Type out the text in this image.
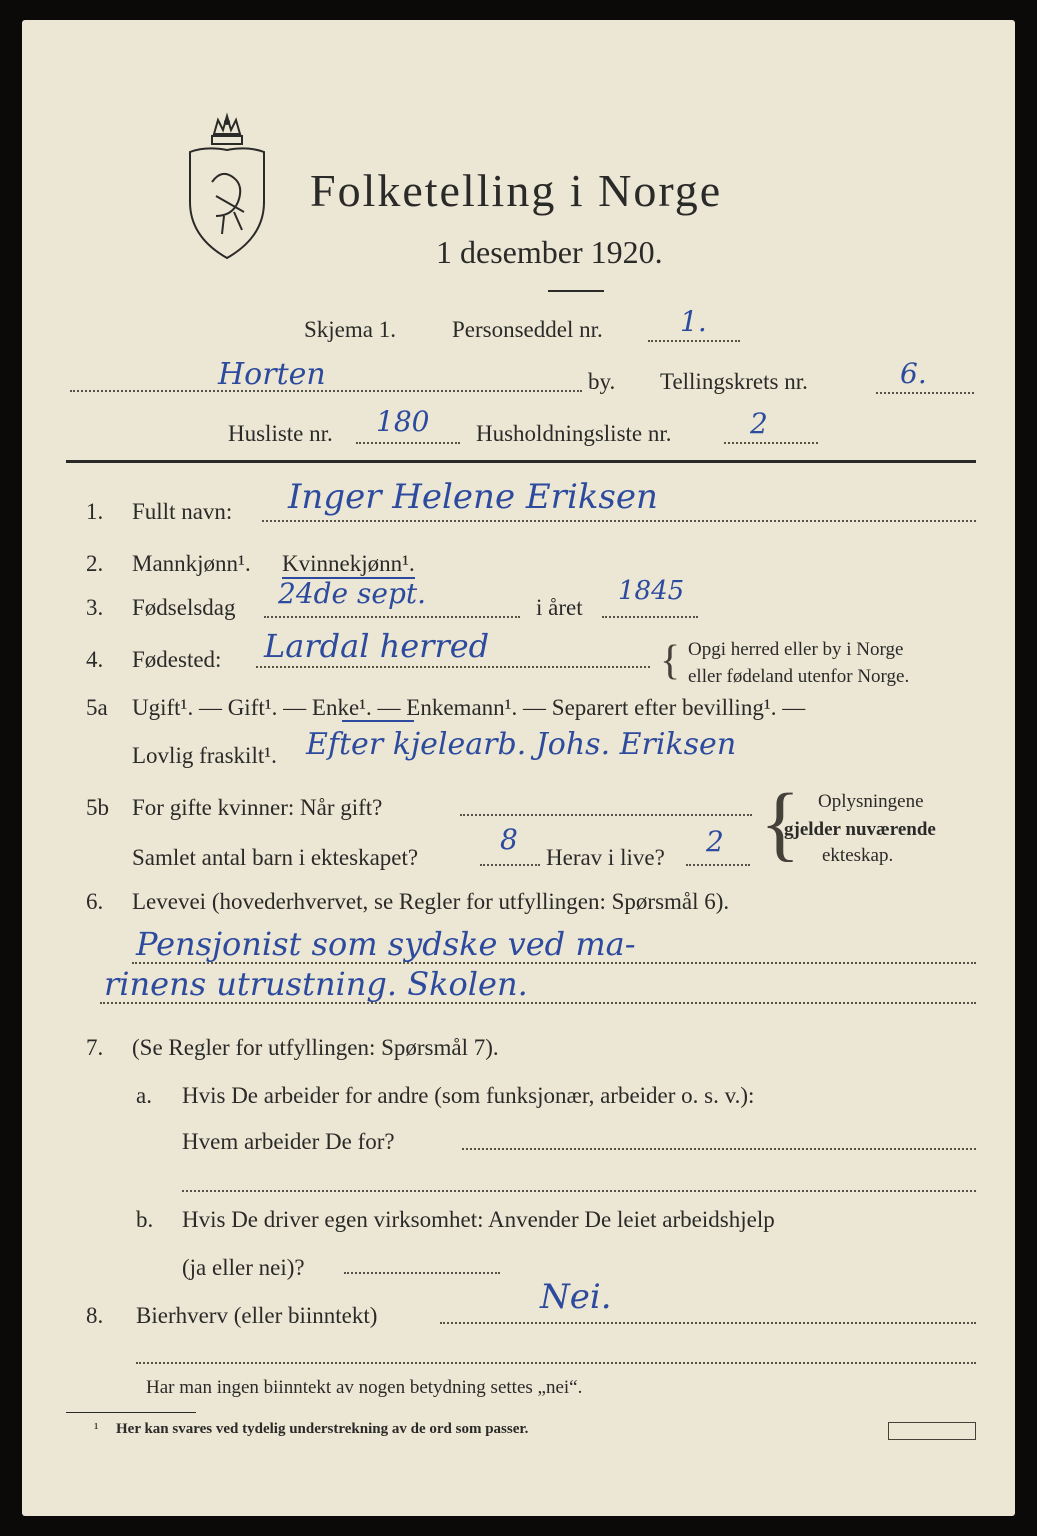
Folketelling i Norge
1 desember 1920.
Skjema 1. Personseddel nr.	1.
Horten	by. Tellingskrets nr.	6.
Husliste nr. 180 Husholdningsliste nr.	2
1. Fullt navn: Inger Helene Eriksen
2. Mannkjønn¹. Kvinnekjønn¹.
3. Fødselsdag 24de sept.	i året
1845
4. Fødested: Lardal herred	{ Opgi herred eller by i Norge
eller fødeland utenfor Norge.
5a Ugift¹. — Gift¹. — Enke¹. — Enkemann¹. — Separert efter bevilling¹. —
Lovlig fraskilt¹. Efter kjelearb. Johs. Eriksen
5b For gifte kvinner: Når gift?
Samlet antal barn i ekteskapet?
8
Herav i live? 2 { Oplysningene
gjelder nuværende
ekteskap.
6. Levevei (hovederhvervet, se Regler for utfyllingen: Spørsmål 6).
Pensjonist som sydske ved ma-
rinens utrustning. Skolen.
7. (Se Regler for utfyllingen: Spørsmål 7).
a. Hvis De arbeider for andre (som funksjonær, arbeider o. s. v.):
Hvem arbeider De for?
b. Hvis De driver egen virksomhet: Anvender De leiet arbeidshjelp
(ja eller nei)?
8. Bierhverv (eller biinntekt)	Nei.
Har man ingen biinntekt av nogen betydning settes „nei“.
¹ Her kan svares ved tydelig understrekning av de ord som passer.
